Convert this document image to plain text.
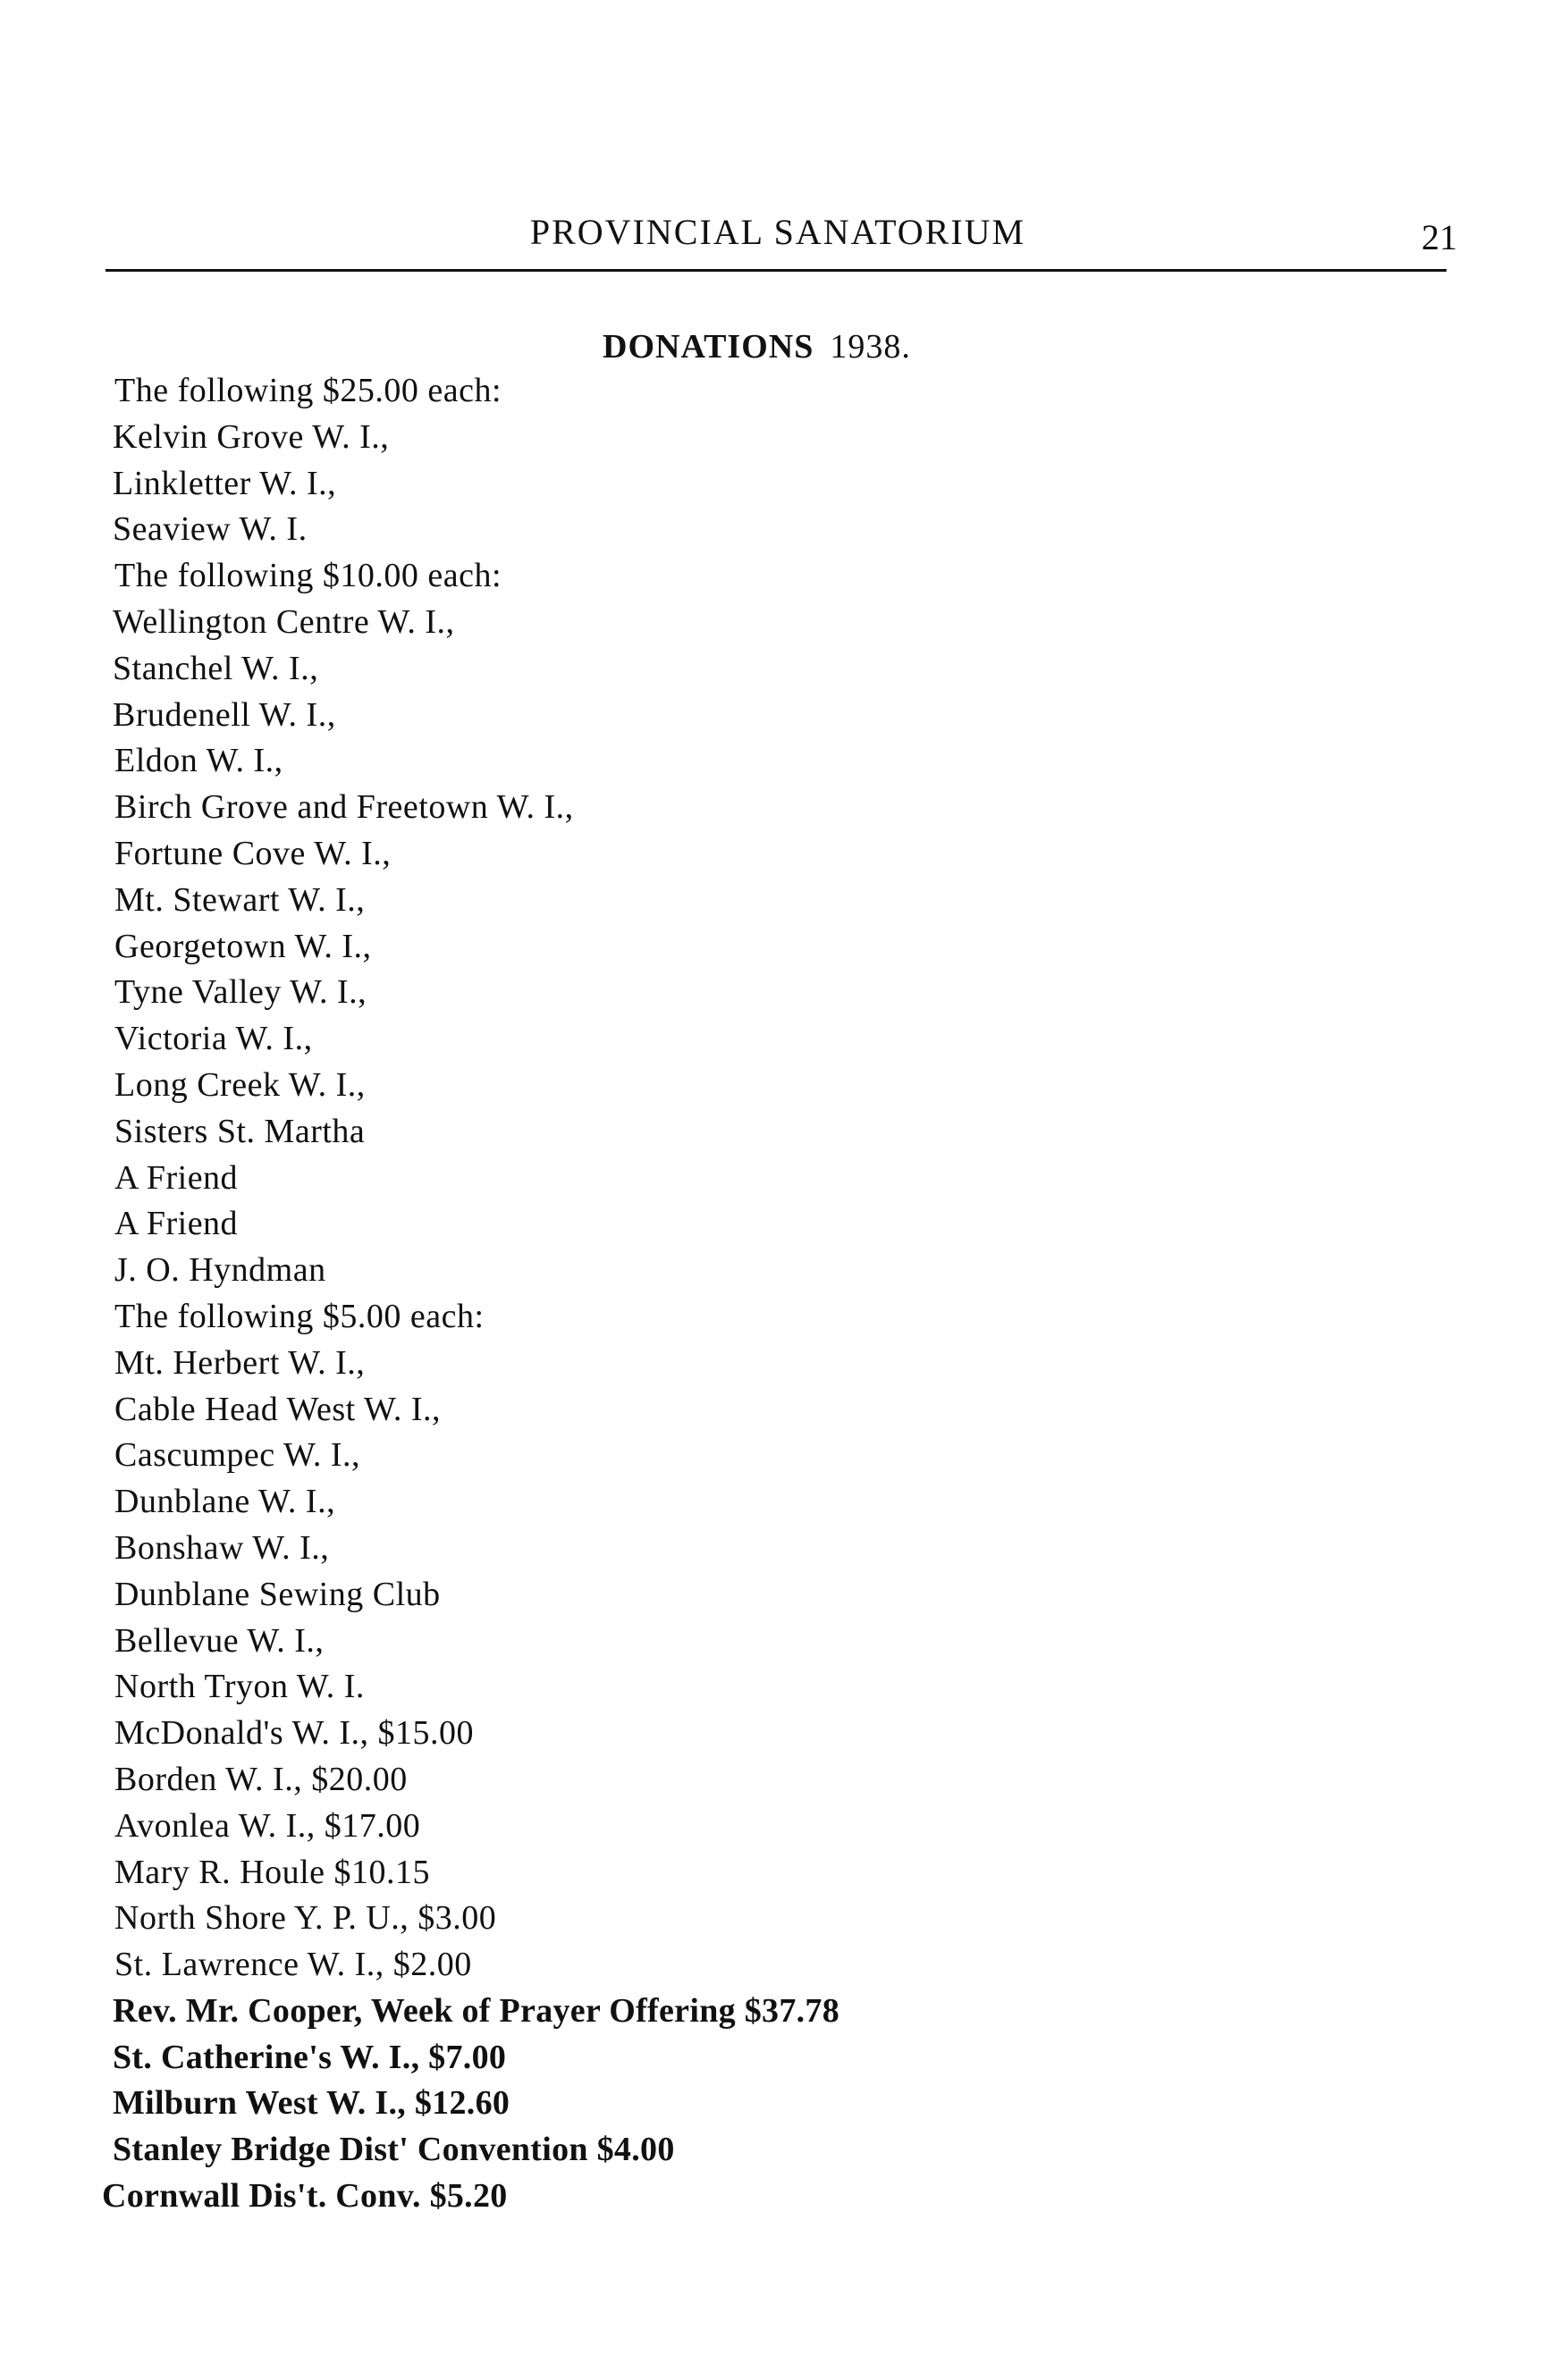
PROVINCIAL SANATORIUM	21
DONATIONS 1938.
The following $25.00 each:
Kelvin Grove W. I.,
Linkletter W. I.,
Seaview W. I.
The following $10.00 each:
Wellington Centre W. I.,
Stanchel W. I.,
Brudenell W. I.,
Eldon W. I.,
Birch Grove and Freetown W. I.,
Fortune Cove W. I.,
Mt. Stewart W. I.,
Georgetown W. I.,
Tyne Valley W. I.,
Victoria W. I.,
Long Creek W. I.,
Sisters St. Martha
A Friend
A Friend
J. O. Hyndman
The following $5.00 each:
Mt. Herbert W. I.,
Cable Head West W. I.,
Cascumpec W. I.,
Dunblane W. I.,
Bonshaw W. I.,
Dunblane Sewing Club
Bellevue W. I.,
North Tryon W. I.
McDonald's W. I., $15.00
Borden W. I., $20.00
Avonlea W. I., $17.00
Mary R. Houle $10.15
North Shore Y. P. U., $3.00
St. Lawrence W. I., $2.00
Rev. Mr. Cooper, Week of Prayer Offering $37.78
St. Catherine's W. I., $7.00
Milburn West W. I., $12.60
Stanley Bridge Dist' Convention $4.00
Cornwall Dis't. Conv. $5.20
